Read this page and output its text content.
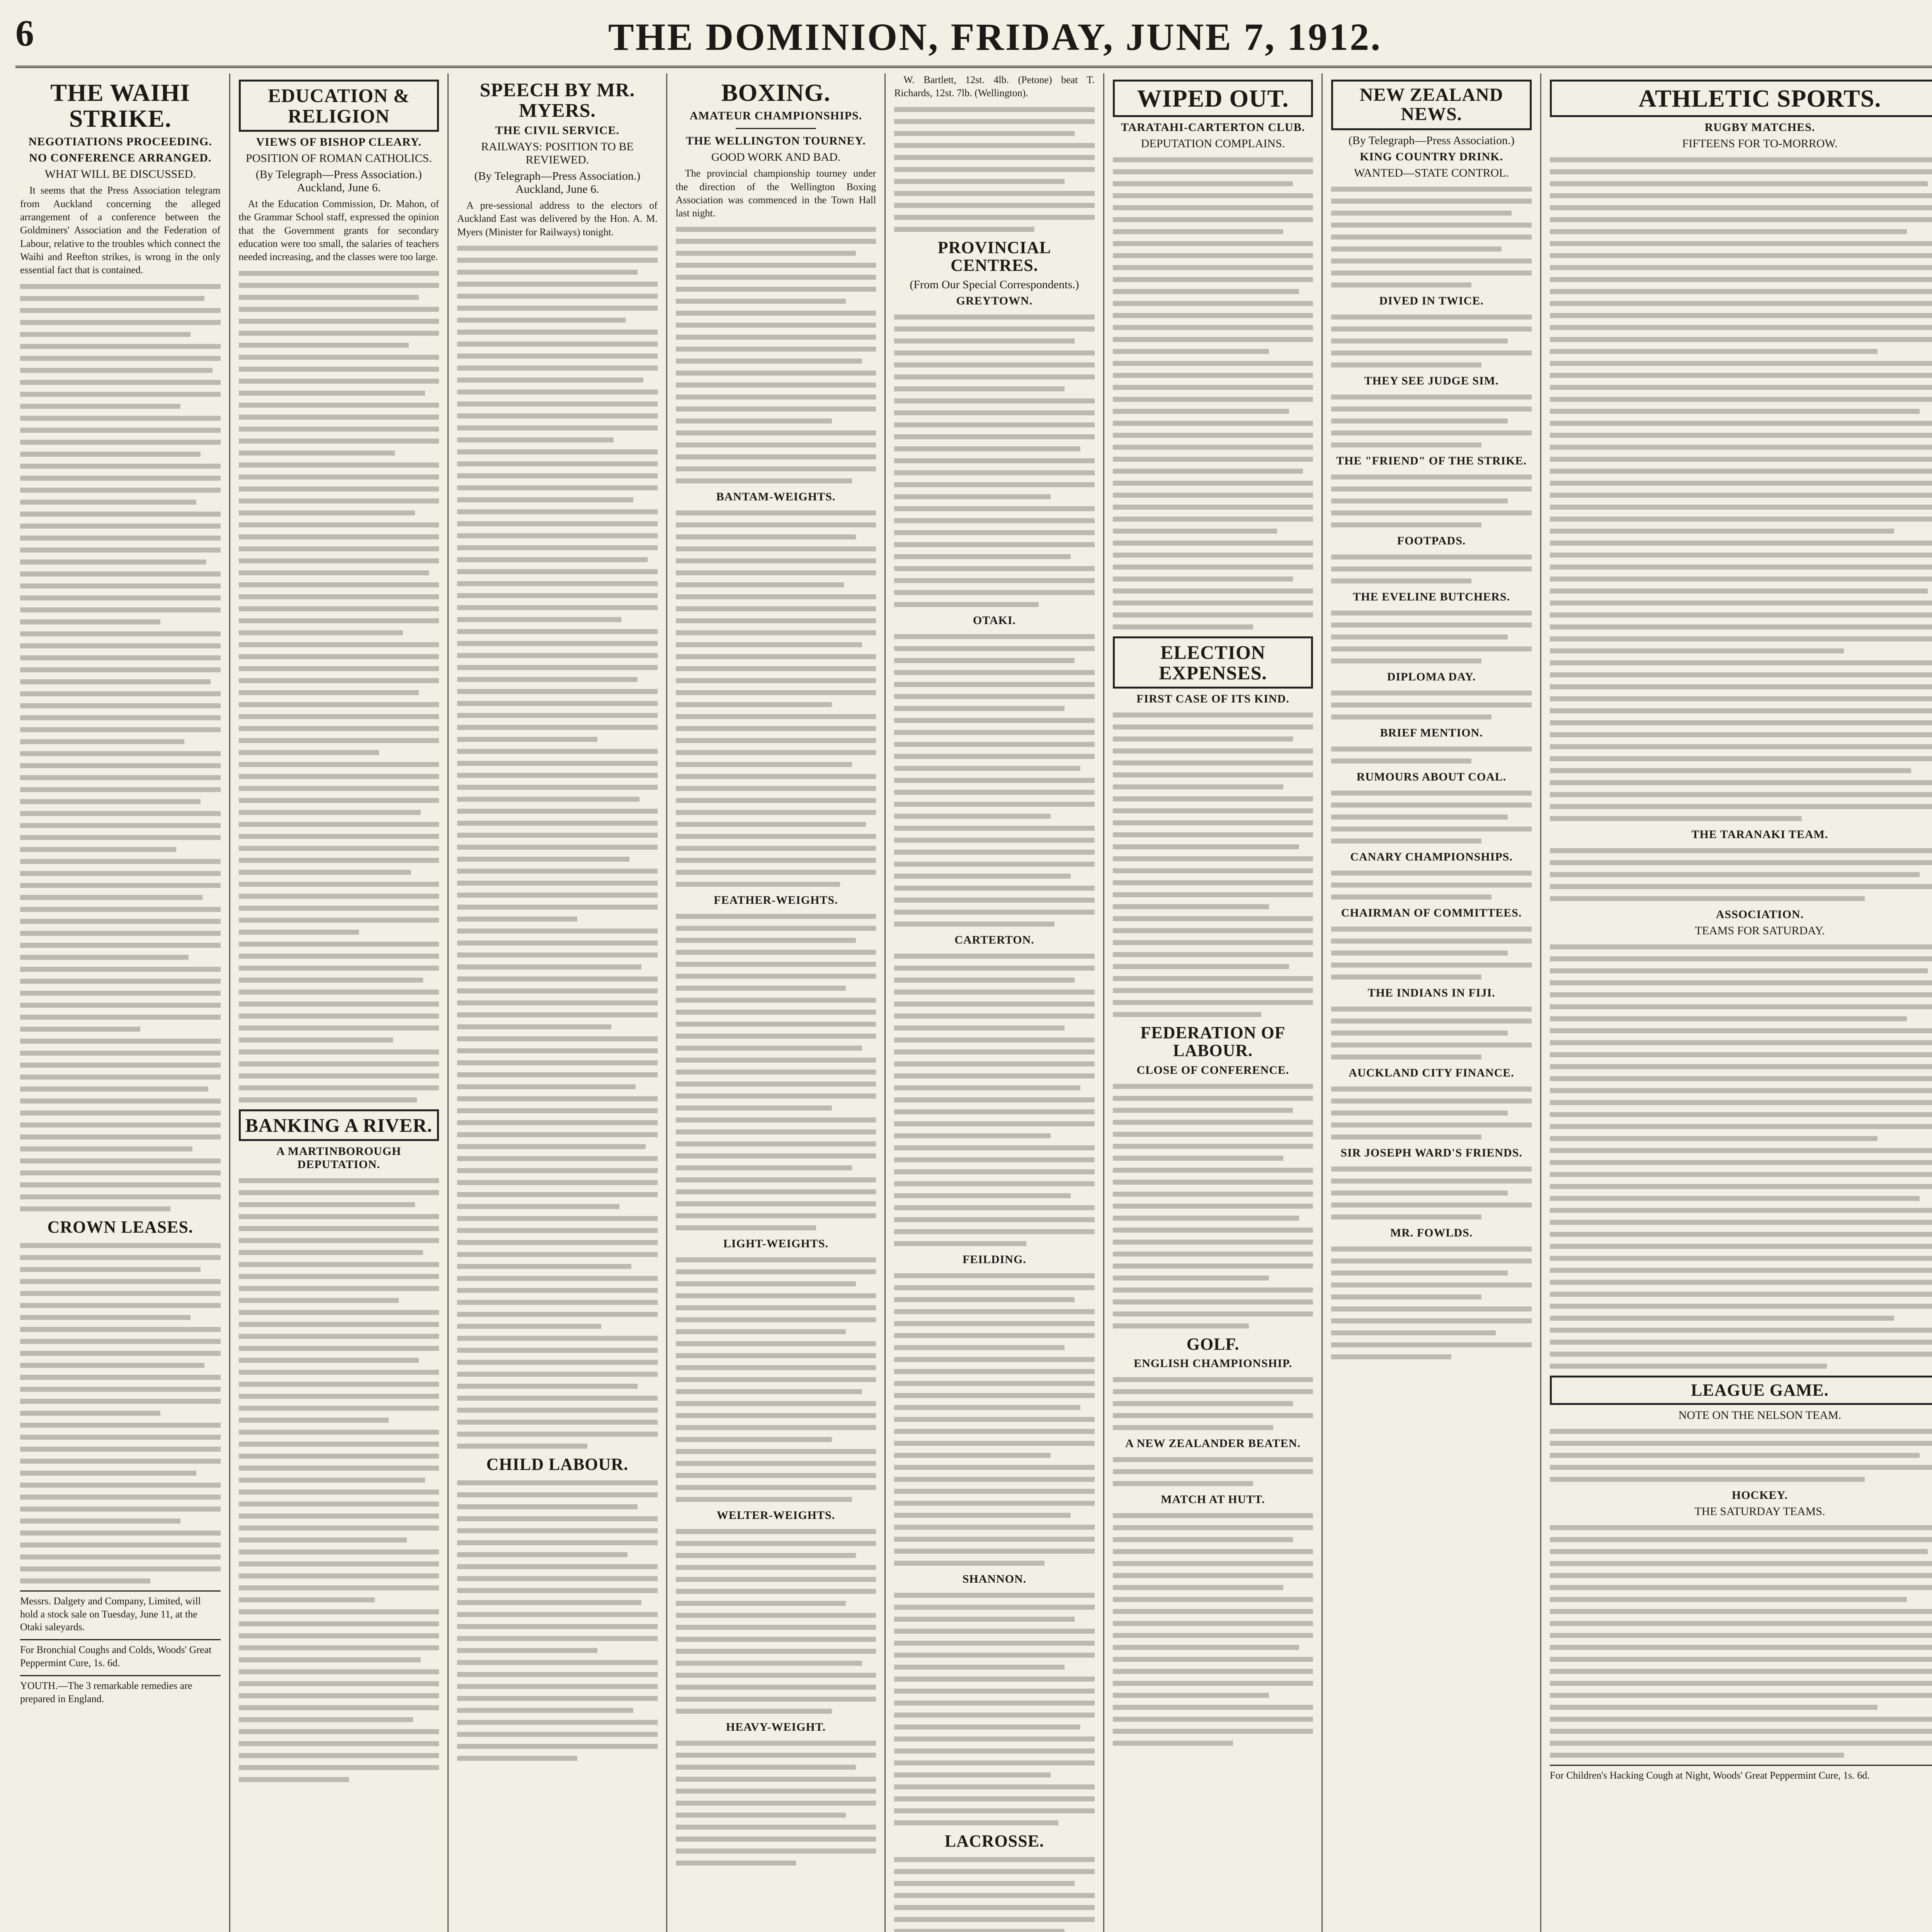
6	THE DOMINION, FRIDAY, JUNE 7, 1912.
THE WAIHI STRIKE.
NEGOTIATIONS PROCEEDING.
NO CONFERENCE ARRANGED.
WHAT WILL BE DISCUSSED.

It seems that the Press Association telegram from Auckland concerning the alleged arrangement of a conference between the Goldminers' Association and the Federation of Labour, relative to the troubles which connect the Waihi and Reefton strikes, is wrong in the only essential fact that is contained.

CROWN LEASES.
Messrs. Dalgety and Company, Limited, will hold a stock sale on Tuesday, June 11, at the Otaki saleyards.
For Bronchial Coughs and Colds, Woods' Great Peppermint Cure, 1s. 6d.
YOUTH.—The 3 remarkable remedies are prepared in England.
EDUCATION & RELIGION
VIEWS OF BISHOP CLEARY.
POSITION OF ROMAN CATHOLICS.
(By Telegraph—Press Association.) Auckland, June 6.

At the Education Commission, Dr. Mahon, of the Grammar School staff, expressed the opinion that the Government grants for secondary education were too small, the salaries of teachers needed increasing, and the classes were too large.

BANKING A RIVER.
A MARTINBOROUGH DEPUTATION.
SPEECH BY MR. MYERS.
THE CIVIL SERVICE.
RAILWAYS: POSITION TO BE REVIEWED.
(By Telegraph—Press Association.) Auckland, June 6.

A pre-sessional address to the electors of Auckland East was delivered by the Hon. A. M. Myers (Minister for Railways) tonight.

CHILD LABOUR.
BOXING.
AMATEUR CHAMPIONSHIPS.
THE WELLINGTON TOURNEY.
GOOD WORK AND BAD.

The provincial championship tourney under the direction of the Wellington Boxing Association was commenced in the Town Hall last night.

BANTAM-WEIGHTS.
FEATHER-WEIGHTS.
LIGHT-WEIGHTS.
WELTER-WEIGHTS.
HEAVY-WEIGHT.

W. Bartlett, 12st. 4lb. (Petone) beat T. Richards, 12st. 7lb. (Wellington).

PROVINCIAL CENTRES.
(From Our Special Correspondents.)
GREYTOWN.
OTAKI.
CARTERTON.
FEILDING.
SHANNON.
LACROSSE.
WIPED OUT.
TARATAHI-CARTERTON CLUB.
DEPUTATION COMPLAINS.
ELECTION EXPENSES.
FIRST CASE OF ITS KIND.
FEDERATION OF LABOUR.
CLOSE OF CONFERENCE.
GOLF.
ENGLISH CHAMPIONSHIP.
A NEW ZEALANDER BEATEN.
MATCH AT HUTT.
NEW ZEALAND NEWS.
(By Telegraph—Press Association.)
KING COUNTRY DRINK.
WANTED—STATE CONTROL.
DIVED IN TWICE.
THEY SEE JUDGE SIM.
THE "FRIEND" OF THE STRIKE.
FOOTPADS.
THE EVELINE BUTCHERS.
DIPLOMA DAY.
BRIEF MENTION.
RUMOURS ABOUT COAL.
CANARY CHAMPIONSHIPS.
CHAIRMAN OF COMMITTEES.
THE INDIANS IN FIJI.
AUCKLAND CITY FINANCE.
SIR JOSEPH WARD'S FRIENDS.
MR. FOWLDS.
ATHLETIC SPORTS.
RUGBY MATCHES.
FIFTEENS FOR TO-MORROW.
THE TARANAKI TEAM.
ASSOCIATION.
TEAMS FOR SATURDAY.
LEAGUE GAME.
NOTE ON THE NELSON TEAM.
HOCKEY.
THE SATURDAY TEAMS.
For Children's Hacking Cough at Night, Woods' Great Peppermint Cure, 1s. 6d.
